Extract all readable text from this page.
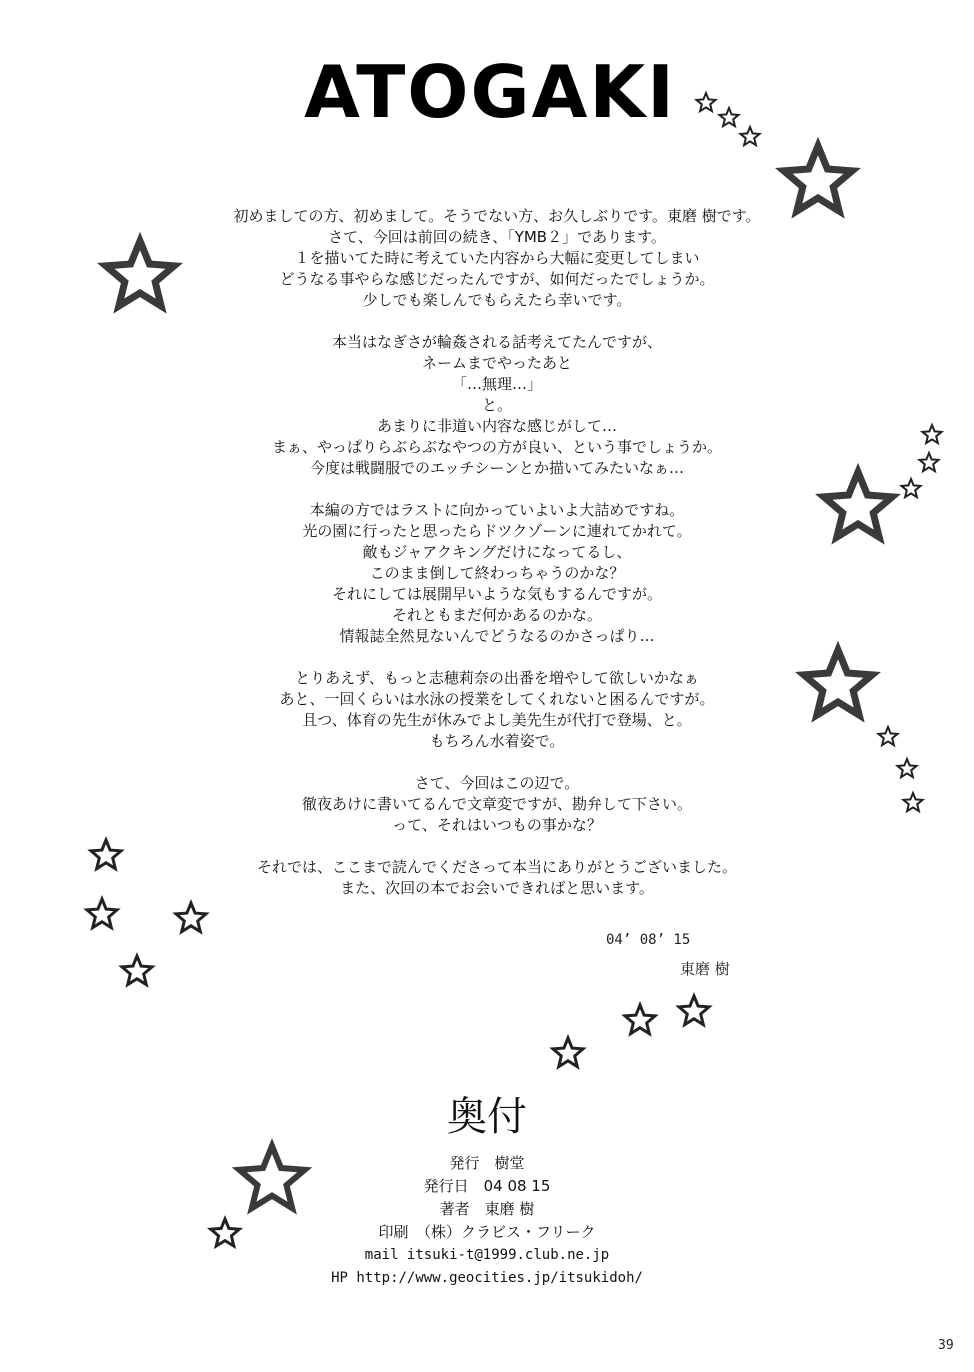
ATOGAKI
初めましての方、初めまして。そうでない方、お久しぶりです。東磨 樹です。
さて、今回は前回の続き、「YMB２」であります。
１を描いてた時に考えていた内容から大幅に変更してしまい
どうなる事やらな感じだったんですが、如何だったでしょうか。
少しでも楽しんでもらえたら幸いです。
本当はなぎさが輪姦される話考えてたんですが、
ネームまでやったあと
「…無理…」
と。
あまりに非道い内容な感じがして…
まぁ、やっぱりらぶらぶなやつの方が良い、という事でしょうか。
今度は戦闘服でのエッチシーンとか描いてみたいなぁ…
本編の方ではラストに向かっていよいよ大詰めですね。
光の園に行ったと思ったらドツクゾーンに連れてかれて。
敵もジャアクキングだけになってるし、
このまま倒して終わっちゃうのかな？
それにしては展開早いような気もするんですが。
それともまだ何かあるのかな。
情報誌全然見ないんでどうなるのかさっぱり…
とりあえず、もっと志穂莉奈の出番を増やして欲しいかなぁ
あと、一回くらいは水泳の授業をしてくれないと困るんですが。
且つ、体育の先生が休みでよし美先生が代打で登場、と。
もちろん水着姿で。
さて、今回はこの辺で。
徹夜あけに書いてるんで文章変ですが、勘弁して下さい。
って、それはいつもの事かな？
それでは、ここまで読んでくださって本当にありがとうございました。
また、次回の本でお会いできればと思います。
04’ 08’ 15
東磨 樹
奥付
発行　樹堂
発行日　04 08 15
著者　東磨 樹
印刷　（株）クラビス・フリーク
mail itsuki-t@1999.club.ne.jp
HP http://www.geocities.jp/itsukidoh/
39
